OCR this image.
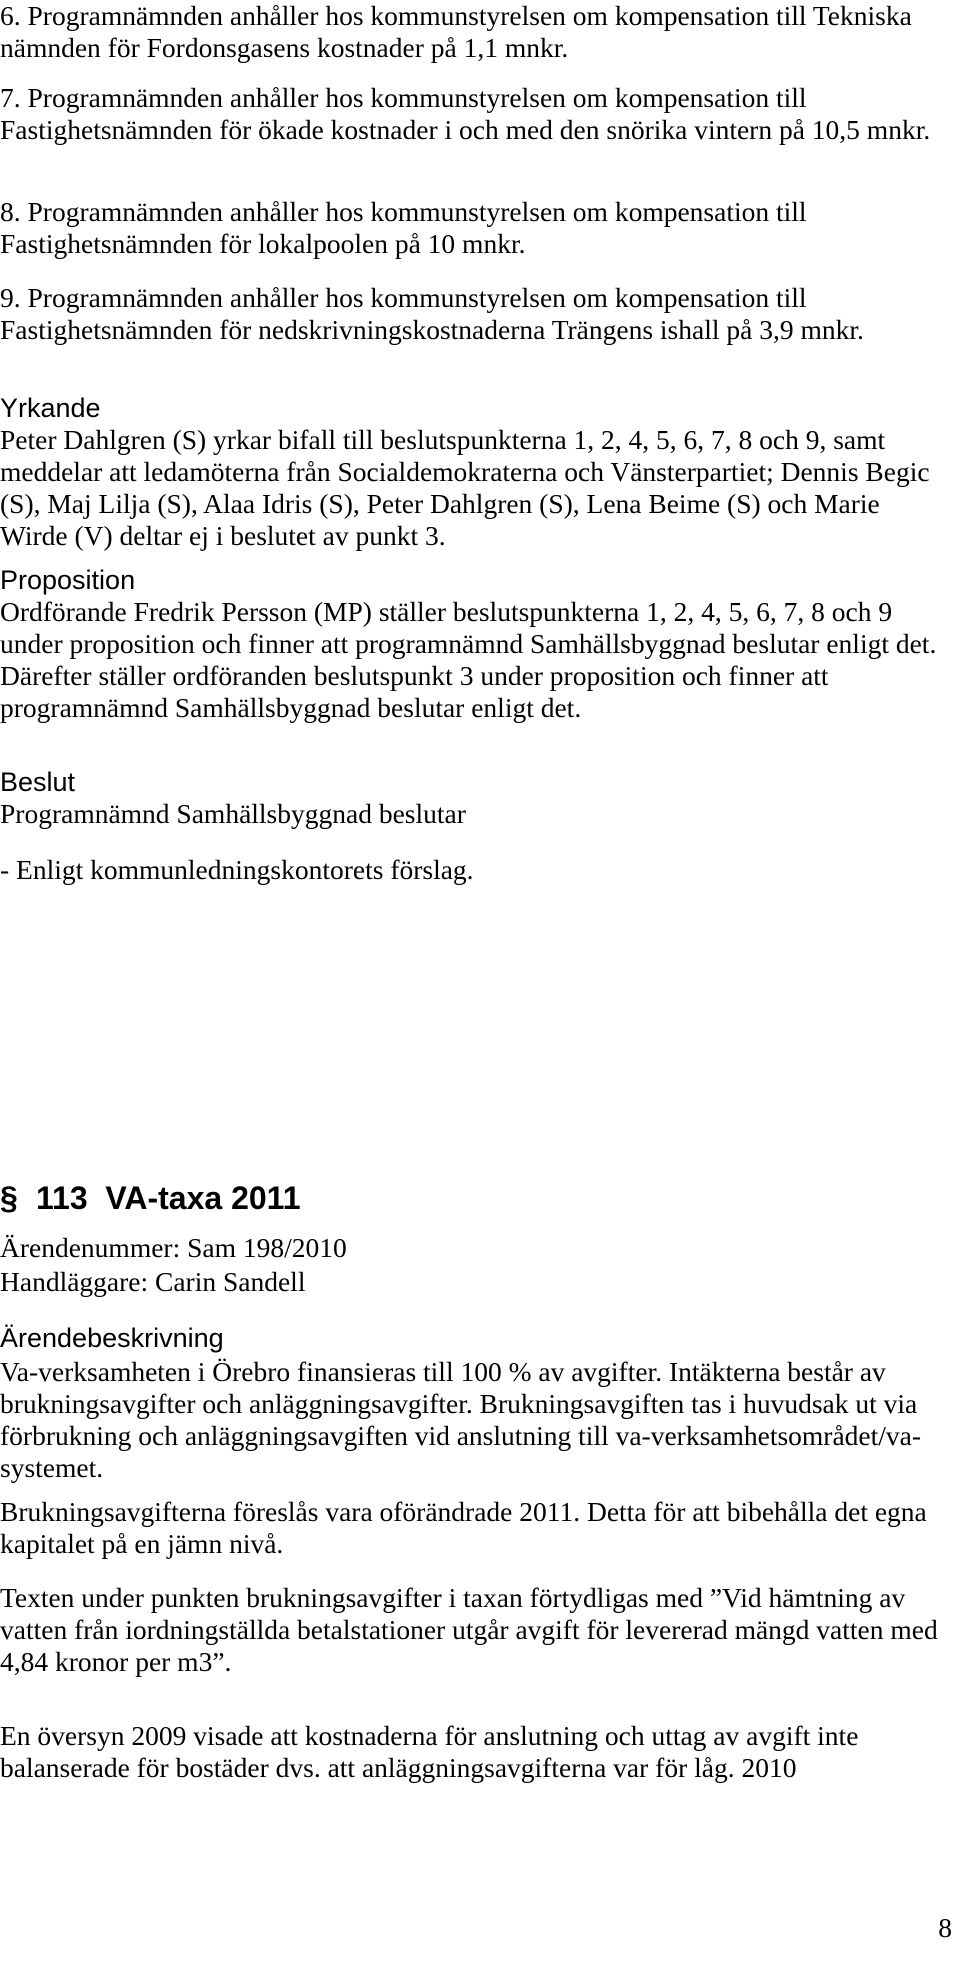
6. Programnämnden anhåller hos kommunstyrelsen om kompensation till Tekniska nämnden för Fordonsgasens kostnader på 1,1 mnkr.

7. Programnämnden anhåller hos kommunstyrelsen om kompensation till Fastighetsnämnden för ökade kostnader i och med den snörika vintern på 10,5 mnkr.

8. Programnämnden anhåller hos kommunstyrelsen om kompensation till Fastighetsnämnden för lokalpoolen på 10 mnkr.

9. Programnämnden anhåller hos kommunstyrelsen om kompensation till Fastighetsnämnden för nedskrivningskostnaderna Trängens ishall på 3,9 mnkr.

Yrkande

Peter Dahlgren (S) yrkar bifall till beslutspunkterna 1, 2, 4, 5, 6, 7, 8 och 9, samt meddelar att ledamöterna från Socialdemokraterna och Vänsterpartiet; Dennis Begic (S), Maj Lilja (S), Alaa Idris (S), Peter Dahlgren (S), Lena Beime (S) och Marie Wirde (V) deltar ej i beslutet av punkt 3.

Proposition

Ordförande Fredrik Persson (MP) ställer beslutspunkterna 1, 2, 4, 5, 6, 7, 8 och 9 under proposition och finner att programnämnd Samhällsbyggnad beslutar enligt det. Därefter ställer ordföranden beslutspunkt 3 under proposition och finner att programnämnd Samhällsbyggnad beslutar enligt det.

Beslut

Programnämnd Samhällsbyggnad beslutar

- Enligt kommunledningskontorets förslag.

§ 113  VA-taxa 2011

Ärendenummer: Sam 198/2010

Handläggare: Carin Sandell

Ärendebeskrivning

Va-verksamheten i Örebro finansieras till 100 % av avgifter. Intäkterna består av brukningsavgifter och anläggningsavgifter. Brukningsavgiften tas i huvudsak ut via förbrukning och anläggningsavgiften vid anslutning till va-verksamhetsområdet/va-systemet.

Brukningsavgifterna föreslås vara oförändrade 2011. Detta för att bibehålla det egna kapitalet på en jämn nivå.

Texten under punkten brukningsavgifter i taxan förtydligas med ”Vid hämtning av vatten från iordningställda betalstationer utgår avgift för levererad mängd vatten med 4,84 kronor per m3”.

En översyn 2009 visade att kostnaderna för anslutning och uttag av avgift inte balanserade för bostäder dvs. att anläggningsavgifterna var för låg. 2010

8
